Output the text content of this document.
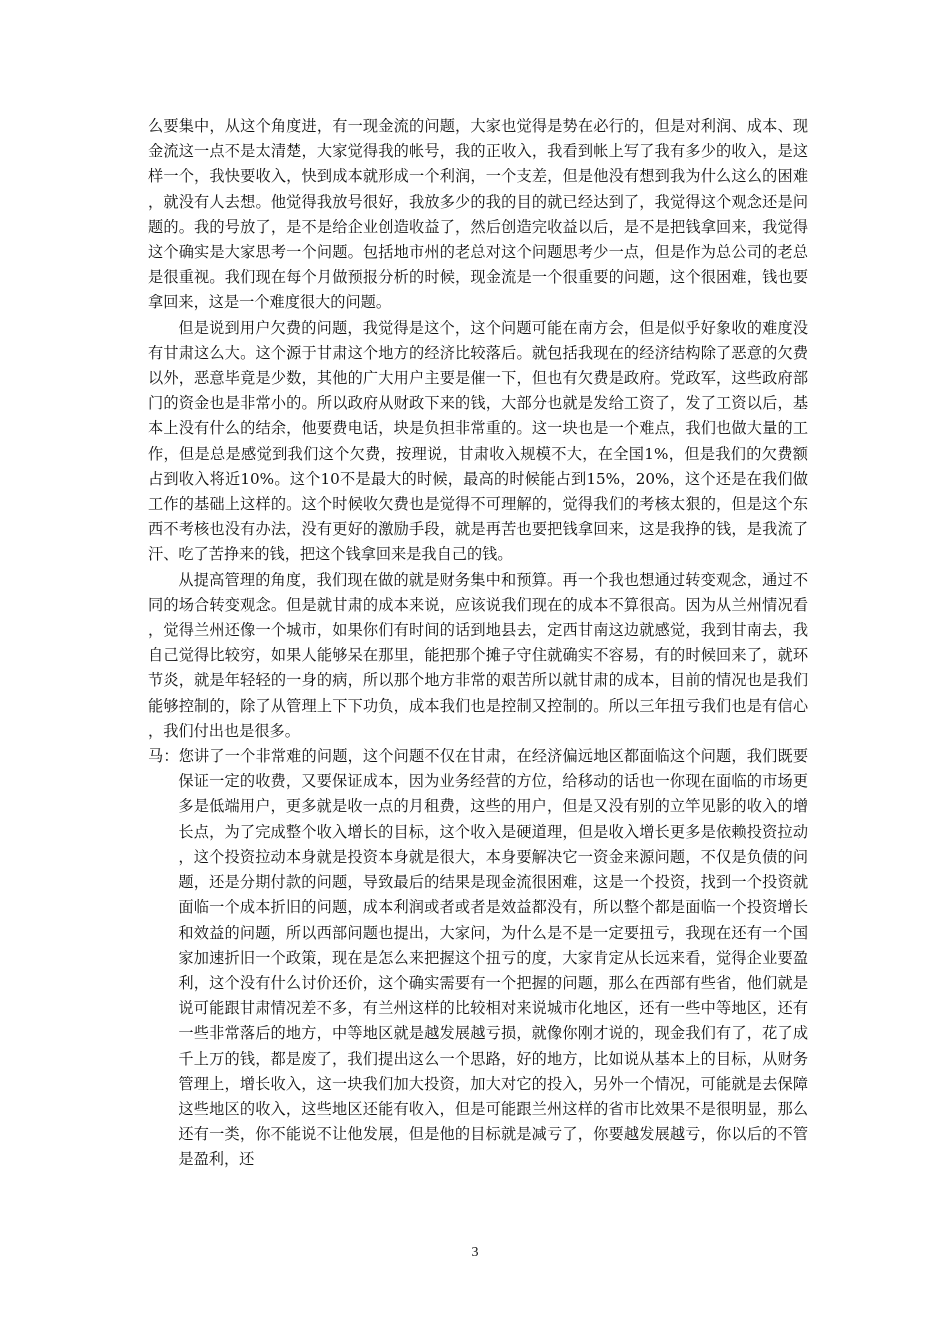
么要集中，从这个角度进，有一现金流的问题，大家也觉得是势在必行的，但是对利润、成本、现金流这一点不是太清楚，大家觉得我的帐号，我的正收入，我看到帐上写了我有多少的收入，是这样一个，我快要收入，快到成本就形成一个利润，一个支差，但是他没有想到我为什么这么的困难，就没有人去想。他觉得我放号很好，我放多少的我的目的就已经达到了，我觉得这个观念还是问题的。我的号放了，是不是给企业创造收益了，然后创造完收益以后，是不是把钱拿回来，我觉得这个确实是大家思考一个问题。包括地市州的老总对这个问题思考少一点，但是作为总公司的老总是很重视。我们现在每个月做预报分析的时候，现金流是一个很重要的问题，这个很困难，钱也要拿回来，这是一个难度很大的问题。

但是说到用户欠费的问题，我觉得是这个，这个问题可能在南方会，但是似乎好象收的难度没有甘肃这么大。这个源于甘肃这个地方的经济比较落后。就包括我现在的经济结构除了恶意的欠费以外，恶意毕竟是少数，其他的广大用户主要是催一下，但也有欠费是政府。党政军，这些政府部门的资金也是非常小的。所以政府从财政下来的钱，大部分也就是发给工资了，发了工资以后，基本上没有什么的结余，他要费电话，块是负担非常重的。这一块也是一个难点，我们也做大量的工作，但是总是感觉到我们这个欠费，按理说，甘肃收入规模不大，在全国1%，但是我们的欠费额占到收入将近10%。这个10不是最大的时候，最高的时候能占到15%，20%，这个还是在我们做工作的基础上这样的。这个时候收欠费也是觉得不可理解的，觉得我们的考核太狠的，但是这个东西不考核也没有办法，没有更好的激励手段，就是再苦也要把钱拿回来，这是我挣的钱，是我流了汗、吃了苦挣来的钱，把这个钱拿回来是我自己的钱。

从提高管理的角度，我们现在做的就是财务集中和预算。再一个我也想通过转变观念，通过不同的场合转变观念。但是就甘肃的成本来说，应该说我们现在的成本不算很高。因为从兰州情况看，觉得兰州还像一个城市，如果你们有时间的话到地县去，定西甘南这边就感觉，我到甘南去，我自己觉得比较穷，如果人能够呆在那里，能把那个摊子守住就确实不容易，有的时候回来了，就环节炎，就是年轻轻的一身的病，所以那个地方非常的艰苦所以就甘肃的成本，目前的情况也是我们能够控制的，除了从管理上下下功负，成本我们也是控制又控制的。所以三年扭亏我们也是有信心，我们付出也是很多。

马：您讲了一个非常难的问题，这个问题不仅在甘肃，在经济偏远地区都面临这个问题，我们既要保证一定的收费，又要保证成本，因为业务经营的方位，给移动的话也一你现在面临的市场更多是低端用户，更多就是收一点的月租费，这些的用户，但是又没有别的立竿见影的收入的增长点，为了完成整个收入增长的目标，这个收入是硬道理，但是收入增长更多是依赖投资拉动，这个投资拉动本身就是投资本身就是很大，本身要解决它一资金来源问题，不仅是负债的问题，还是分期付款的问题，导致最后的结果是现金流很困难，这是一个投资，找到一个投资就面临一个成本折旧的问题，成本利润或者或者是效益都没有，所以整个都是面临一个投资增长和效益的问题，所以西部问题也提出，大家问，为什么是不是一定要扭亏，我现在还有一个国家加速折旧一个政策，现在是怎么来把握这个扭亏的度，大家肯定从长远来看，觉得企业要盈利，这个没有什么讨价还价，这个确实需要有一个把握的问题，那么在西部有些省，他们就是说可能跟甘肃情况差不多，有兰州这样的比较相对来说城市化地区，还有一些中等地区，还有一些非常落后的地方，中等地区就是越发展越亏损，就像你刚才说的，现金我们有了，花了成千上万的钱，都是废了，我们提出这么一个思路，好的地方，比如说从基本上的目标，从财务管理上，增长收入，这一块我们加大投资，加大对它的投入，另外一个情况，可能就是去保障这些地区的收入，这些地区还能有收入，但是可能跟兰州这样的省市比效果不是很明显，那么还有一类，你不能说不让他发展，但是他的目标就是减亏了，你要越发展越亏，你以后的不管是盈利，还

3
